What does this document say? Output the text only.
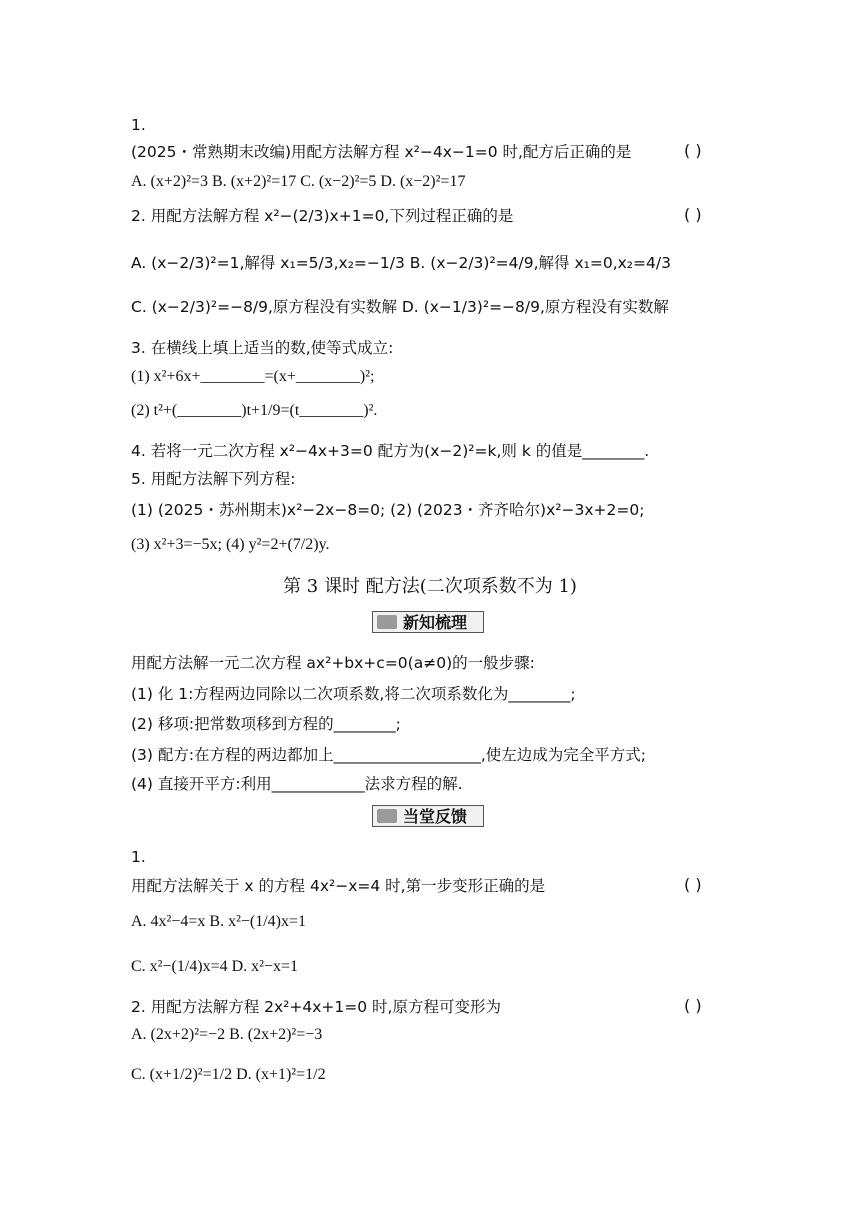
1.
(2025・常熟期末改编)用配方法解方程 x²−4x−1=0 时,配方后正确的是
A. (x+2)²=3 B. (x+2)²=17 C. (x−2)²=5 D. (x−2)²=17
2. 用配方法解方程 x²−(2/3)x+1=0,下列过程正确的是
A. (x−2/3)²=1,解得 x₁=5/3,x₂=−1/3 B. (x−2/3)²=4/9,解得 x₁=0,x₂=4/3
C. (x−2/3)²=−8/9,原方程没有实数解 D. (x−1/3)²=−8/9,原方程没有实数解
3. 在横线上填上适当的数,使等式成立:
(1) x²+6x+________=(x+________)²;
(2) t²+(________)t+1/9=(t________)².
4. 若将一元二次方程 x²−4x+3=0 配方为(x−2)²=k,则 k 的值是________.
5. 用配方法解下列方程:
(1) (2025・苏州期末)x²−2x−8=0; (2) (2023・齐齐哈尔)x²−3x+2=0;
(3) x²+3=−5x; (4) y²=2+(7/2)y.
第 3 课时 配方法(二次项系数不为 1)
新知梳理
用配方法解一元二次方程 ax²+bx+c=0(a≠0)的一般步骤:
(1) 化 1:方程两边同除以二次项系数,将二次项系数化为________;
(2) 移项:把常数项移到方程的________;
(3) 配方:在方程的两边都加上___________________,使左边成为完全平方式;
(4) 直接开平方:利用____________法求方程的解.
当堂反馈
1.
用配方法解关于 x 的方程 4x²−x=4 时,第一步变形正确的是
A. 4x²−4=x B. x²−(1/4)x=1
C. x²−(1/4)x=4 D. x²−x=1
2. 用配方法解方程 2x²+4x+1=0 时,原方程可变形为
A. (2x+2)²=−2 B. (2x+2)²=−3
C. (x+1/2)²=1/2 D. (x+1)²=1/2
( )
( )
( )
( )
